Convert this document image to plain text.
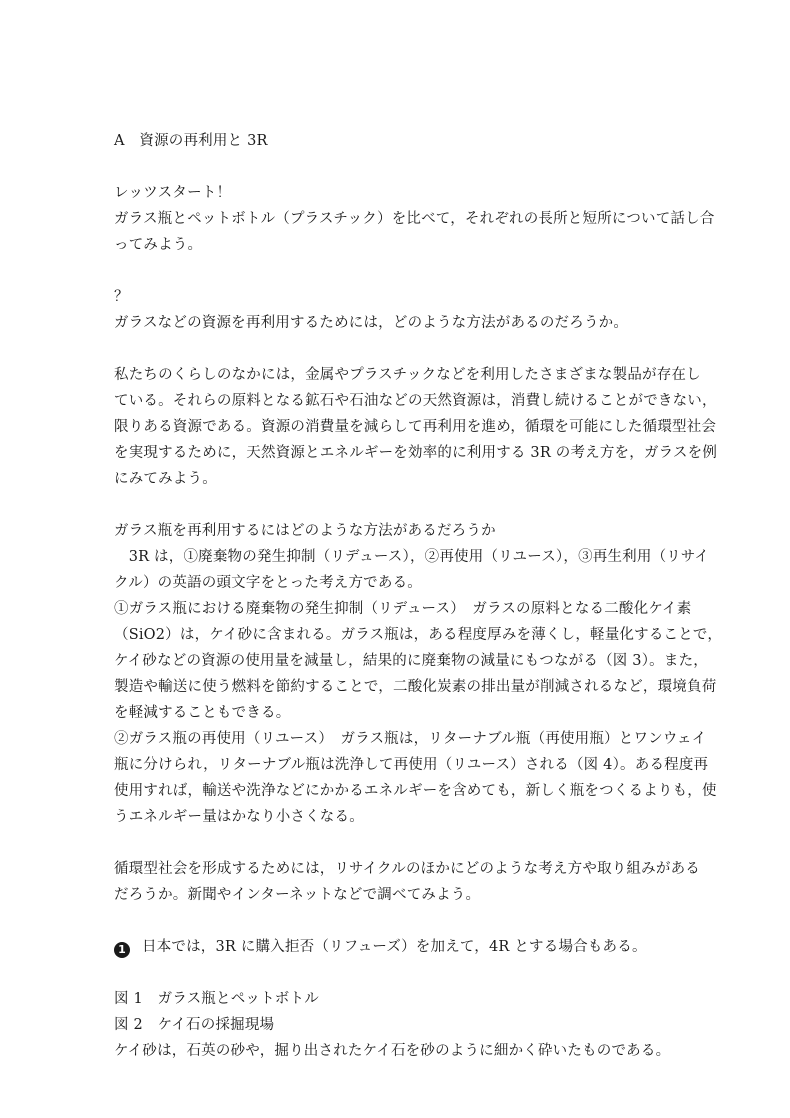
A　資源の再利用と 3R
レッツスタート！
ガラス瓶とペットボトル（プラスチック）を比べて，それぞれの長所と短所について話し合
ってみよう。
？
ガラスなどの資源を再利用するためには，どのような方法があるのだろうか。
私たちのくらしのなかには，金属やプラスチックなどを利用したさまざまな製品が存在し
ている。それらの原料となる鉱石や石油などの天然資源は，消費し続けることができない，
限りある資源である。資源の消費量を減らして再利用を進め，循環を可能にした循環型社会
を実現するために，天然資源とエネルギーを効率的に利用する 3R の考え方を，ガラスを例
にみてみよう。
ガラス瓶を再利用するにはどのような方法があるだろうか
　3R は，①廃棄物の発生抑制（リデュース），②再使用（リユース），③再生利用（リサイ
クル）の英語の頭文字をとった考え方である。
①ガラス瓶における廃棄物の発生抑制（リデュース）　ガラスの原料となる二酸化ケイ素
（SiO2）は，ケイ砂に含まれる。ガラス瓶は，ある程度厚みを薄くし，軽量化することで，
ケイ砂などの資源の使用量を減量し，結果的に廃棄物の減量にもつながる（図 3）。また，
製造や輸送に使う燃料を節約することで，二酸化炭素の排出量が削減されるなど，環境負荷
を軽減することもできる。
②ガラス瓶の再使用（リユース）　ガラス瓶は，リターナブル瓶（再使用瓶）とワンウェイ
瓶に分けられ，リターナブル瓶は洗浄して再使用（リユース）される（図 4）。ある程度再
使用すれば，輸送や洗浄などにかかるエネルギーを含めても，新しく瓶をつくるよりも，使
うエネルギー量はかなり小さくなる。
循環型社会を形成するためには，リサイクルのほかにどのような考え方や取り組みがある
だろうか。新聞やインターネットなどで調べてみよう。
1 日本では，3R に購入拒否（リフューズ）を加えて，4R とする場合もある。
図 1　ガラス瓶とペットボトル
図 2　ケイ石の採掘現場
ケイ砂は，石英の砂や，掘り出されたケイ石を砂のように細かく砕いたものである。
